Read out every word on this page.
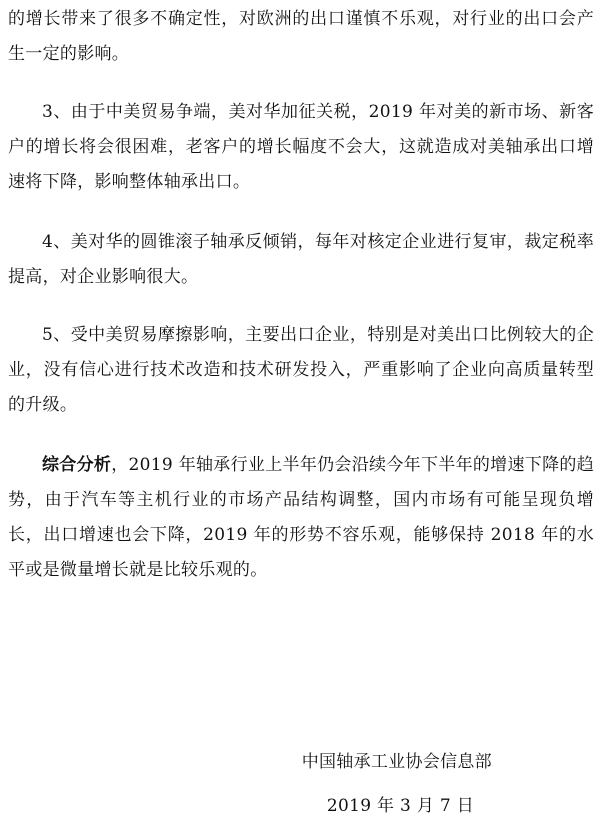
的增长带来了很多不确定性，对欧洲的出口谨慎不乐观，对行业的出口会产生一定的影响。

3、由于中美贸易争端，美对华加征关税，2019 年对美的新市场、新客户的增长将会很困难，老客户的增长幅度不会大，这就造成对美轴承出口增速将下降，影响整体轴承出口。

4、美对华的圆锥滚子轴承反倾销，每年对核定企业进行复审，裁定税率提高，对企业影响很大。

5、受中美贸易摩擦影响，主要出口企业，特别是对美出口比例较大的企业，没有信心进行技术改造和技术研发投入，严重影响了企业向高质量转型的升级。

综合分析，2019 年轴承行业上半年仍会沿续今年下半年的增速下降的趋势，由于汽车等主机行业的市场产品结构调整，国内市场有可能呈现负增长，出口增速也会下降，2019 年的形势不容乐观，能够保持 2018 年的水平或是微量增长就是比较乐观的。

中国轴承工业协会信息部
2019 年 3 月 7 日
